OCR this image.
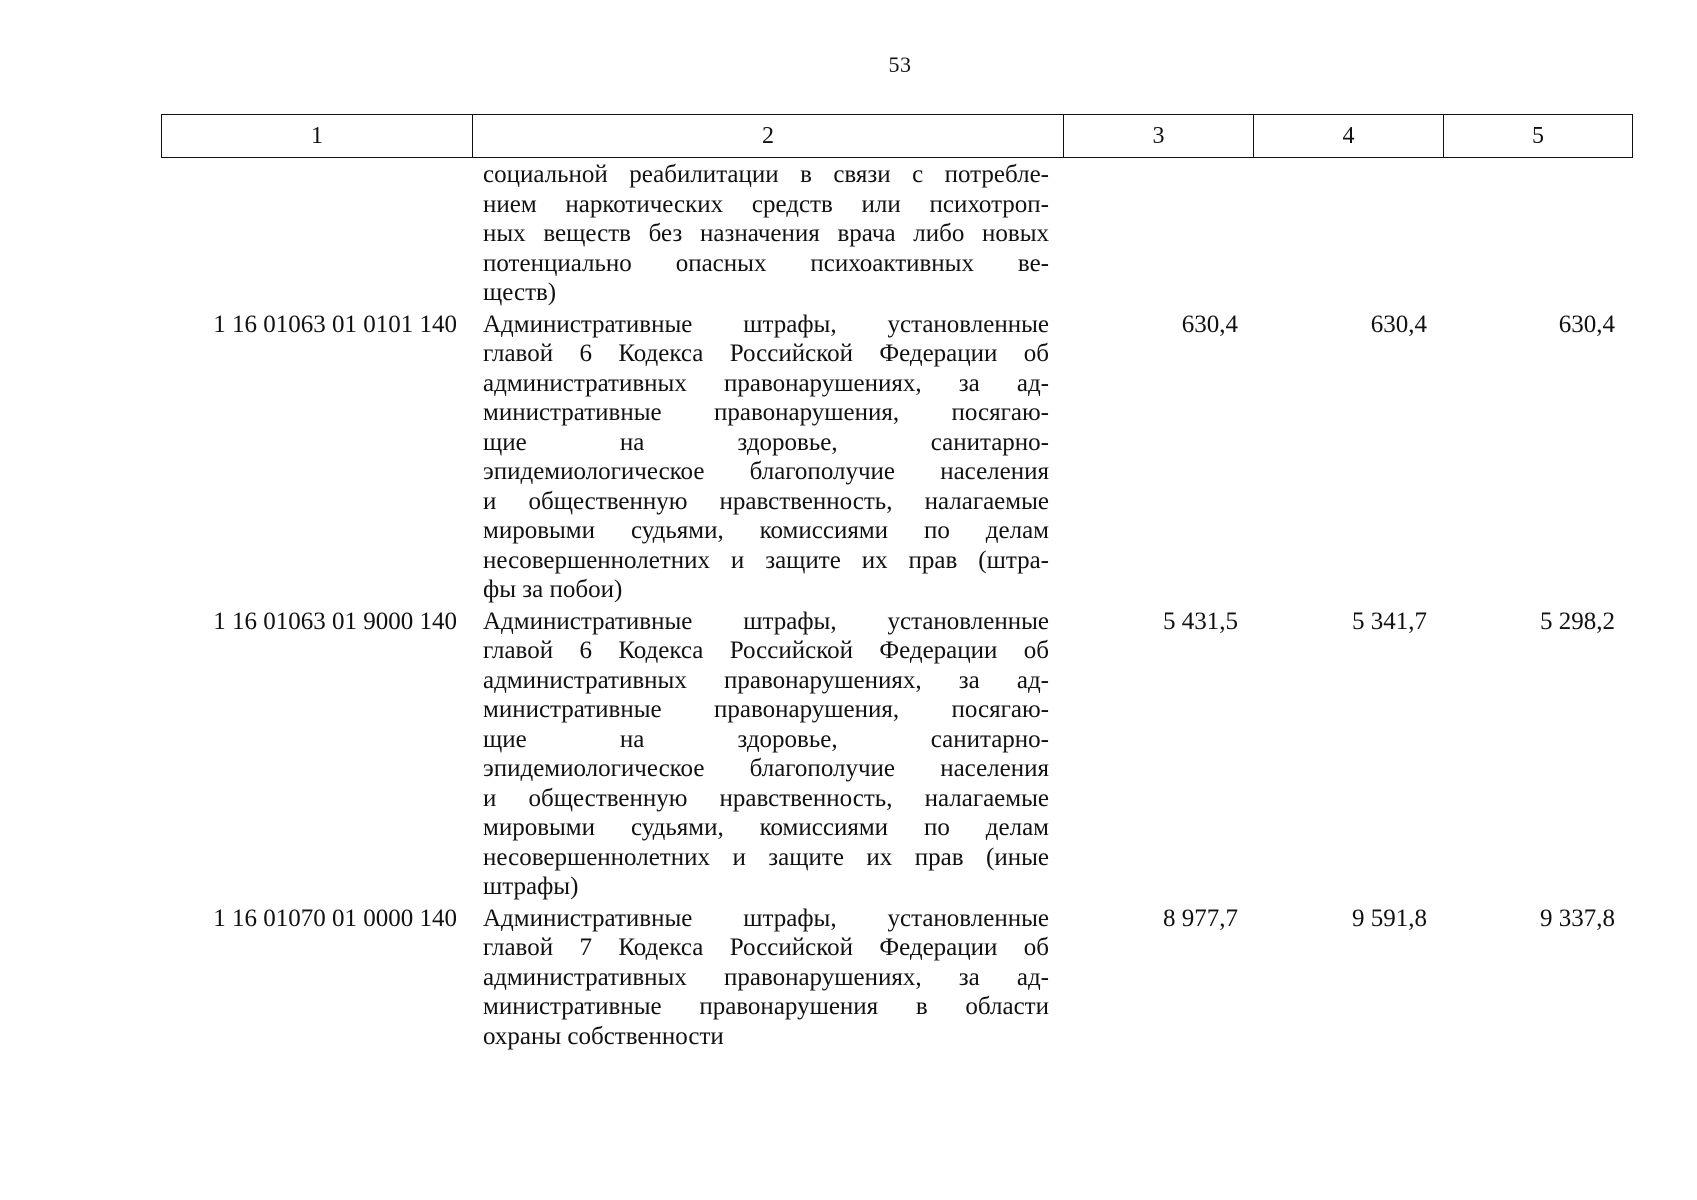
53
1	2	3	4	5
социальной реабилитации в связи с потребле-
нием наркотических средств или психотроп-
ных веществ без назначения врача либо новых
потенциально опасных психоактивных ве-
ществ)
1 16 01063 01 0101 140	Административные штрафы, установленные
главой 6 Кодекса Российской Федерации об
административных правонарушениях, за ад-
министративные правонарушения, посягаю-
щие на здоровье, санитарно-
эпидемиологическое благополучие населения
и общественную нравственность, налагаемые
мировыми судьями, комиссиями по делам
несовершеннолетних и защите их прав (штра-
фы за побои)
630,4	630,4	630,4
1 16 01063 01 9000 140	Административные штрафы, установленные
главой 6 Кодекса Российской Федерации об
административных правонарушениях, за ад-
министративные правонарушения, посягаю-
щие на здоровье, санитарно-
эпидемиологическое благополучие населения
и общественную нравственность, налагаемые
мировыми судьями, комиссиями по делам
несовершеннолетних и защите их прав (иные
штрафы)
5 431,5	5 341,7	5 298,2
1 16 01070 01 0000 140	Административные штрафы, установленные
главой 7 Кодекса Российской Федерации об
административных правонарушениях, за ад-
министративные правонарушения в области
охраны собственности
8 977,7	9 591,8	9 337,8
